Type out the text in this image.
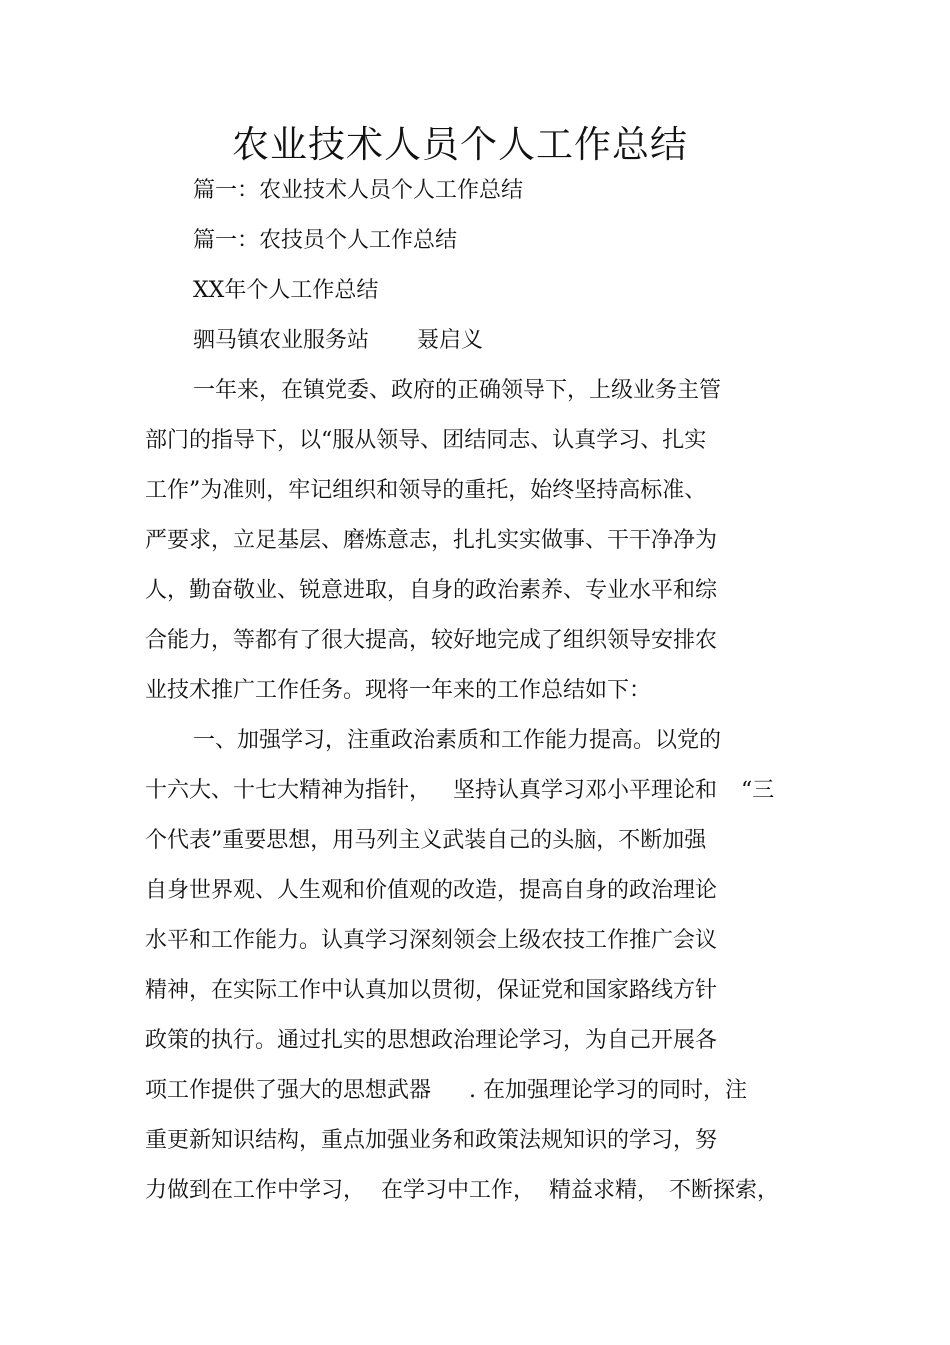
农业技术人员个人工作总结

篇一：农业技术人员个人工作总结

篇一：农技员个人工作总结

XX年个人工作总结

驷马镇农业服务站 聂启义

一年来，在镇党委、政府的正确领导下，上级业务主管

部门的指导下，以“服从领导、团结同志、认真学习、扎实

工作”为准则，牢记组织和领导的重托，始终坚持高标准、

严要求，立足基层、磨炼意志，扎扎实实做事、干干净净为

人，勤奋敬业、锐意进取，自身的政治素养、专业水平和综

合能力，等都有了很大提高，较好地完成了组织领导安排农

业技术推广工作任务。现将一年来的工作总结如下：

一、加强学习，注重政治素质和工作能力提高。以党的

十六大、十七大精神为指针， 坚持认真学习邓小平理论和 “三

个代表”重要思想，用马列主义武装自己的头脑，不断加强

自身世界观、人生观和价值观的改造，提高自身的政治理论

水平和工作能力。认真学习深刻领会上级农技工作推广会议

精神，在实际工作中认真加以贯彻，保证党和国家路线方针

政策的执行。通过扎实的思想政治理论学习，为自己开展各

项工作提供了强大的思想武器 . 在加强理论学习的同时，注

重更新知识结构，重点加强业务和政策法规知识的学习，努

力做到在工作中学习， 在学习中工作， 精益求精， 不断探索，
